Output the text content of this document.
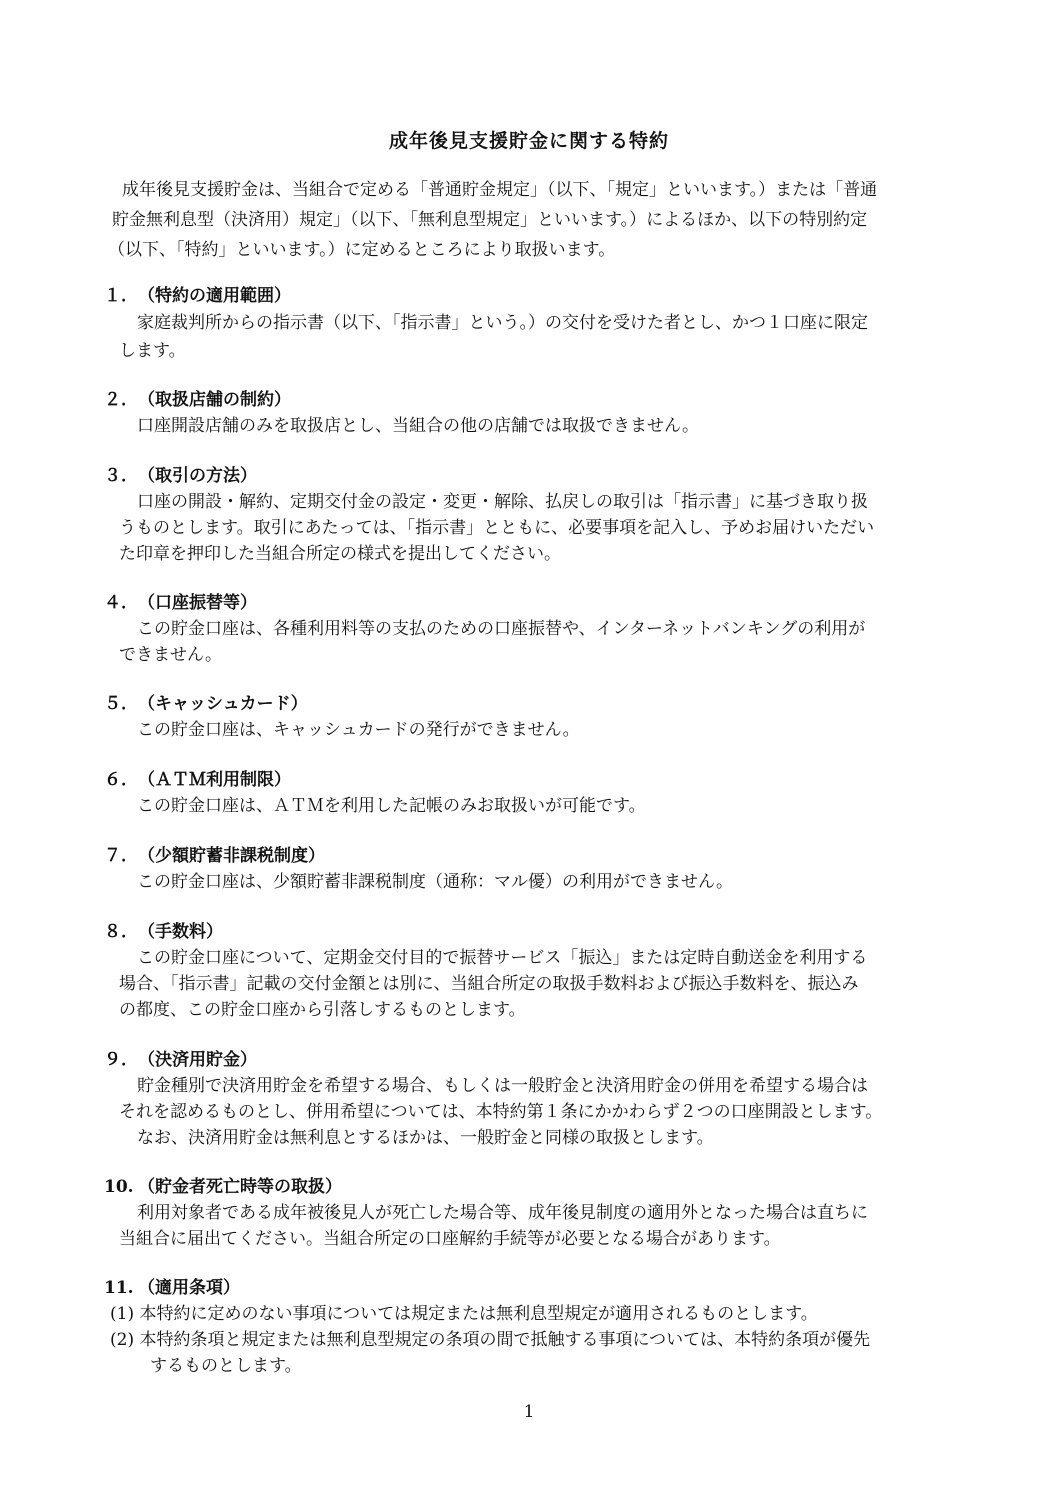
成年後見支援貯金に関する特約
成年後見支援貯金は、当組合で定める「普通貯金規定」（以下、「規定」といいます。）または「普通
貯金無利息型（決済用）規定」（以下、「無利息型規定」といいます。）によるほか、以下の特別約定
（以下、「特約」といいます。）に定めるところにより取扱います。
１．（特約の適用範囲）
家庭裁判所からの指示書（以下、「指示書」という。）の交付を受けた者とし、かつ１口座に限定
します。
２．（取扱店舗の制約）
口座開設店舗のみを取扱店とし、当組合の他の店舗では取扱できません。
３．（取引の方法）
口座の開設・解約、定期交付金の設定・変更・解除、払戻しの取引は「指示書」に基づき取り扱
うものとします。取引にあたっては、「指示書」とともに、必要事項を記入し、予めお届けいただい
た印章を押印した当組合所定の様式を提出してください。
４．（口座振替等）
この貯金口座は、各種利用料等の支払のための口座振替や、インターネットバンキングの利用が
できません。
５．（キャッシュカード）
この貯金口座は、キャッシュカードの発行ができません。
６．（ＡＴＭ利用制限）
この貯金口座は、ＡＴＭを利用した記帳のみお取扱いが可能です。
７．（少額貯蓄非課税制度）
この貯金口座は、少額貯蓄非課税制度（通称：マル優）の利用ができません。
８．（手数料）
この貯金口座について、定期金交付目的で振替サービス「振込」または定時自動送金を利用する
場合、「指示書」記載の交付金額とは別に、当組合所定の取扱手数料および振込手数料を、振込み
の都度、この貯金口座から引落しするものとします。
９．（決済用貯金）
貯金種別で決済用貯金を希望する場合、もしくは一般貯金と決済用貯金の併用を希望する場合は
それを認めるものとし、併用希望については、本特約第１条にかかわらず２つの口座開設とします。
なお、決済用貯金は無利息とするほかは、一般貯金と同様の取扱とします。
10. （貯金者死亡時等の取扱）
利用対象者である成年被後見人が死亡した場合等、成年後見制度の適用外となった場合は直ちに
当組合に届出てください。当組合所定の口座解約手続等が必要となる場合があります。
11. （適用条項）
(1) 本特約に定めのない事項については規定または無利息型規定が適用されるものとします。
(2) 本特約条項と規定または無利息型規定の条項の間で抵触する事項については、本特約条項が優先
するものとします。
1
